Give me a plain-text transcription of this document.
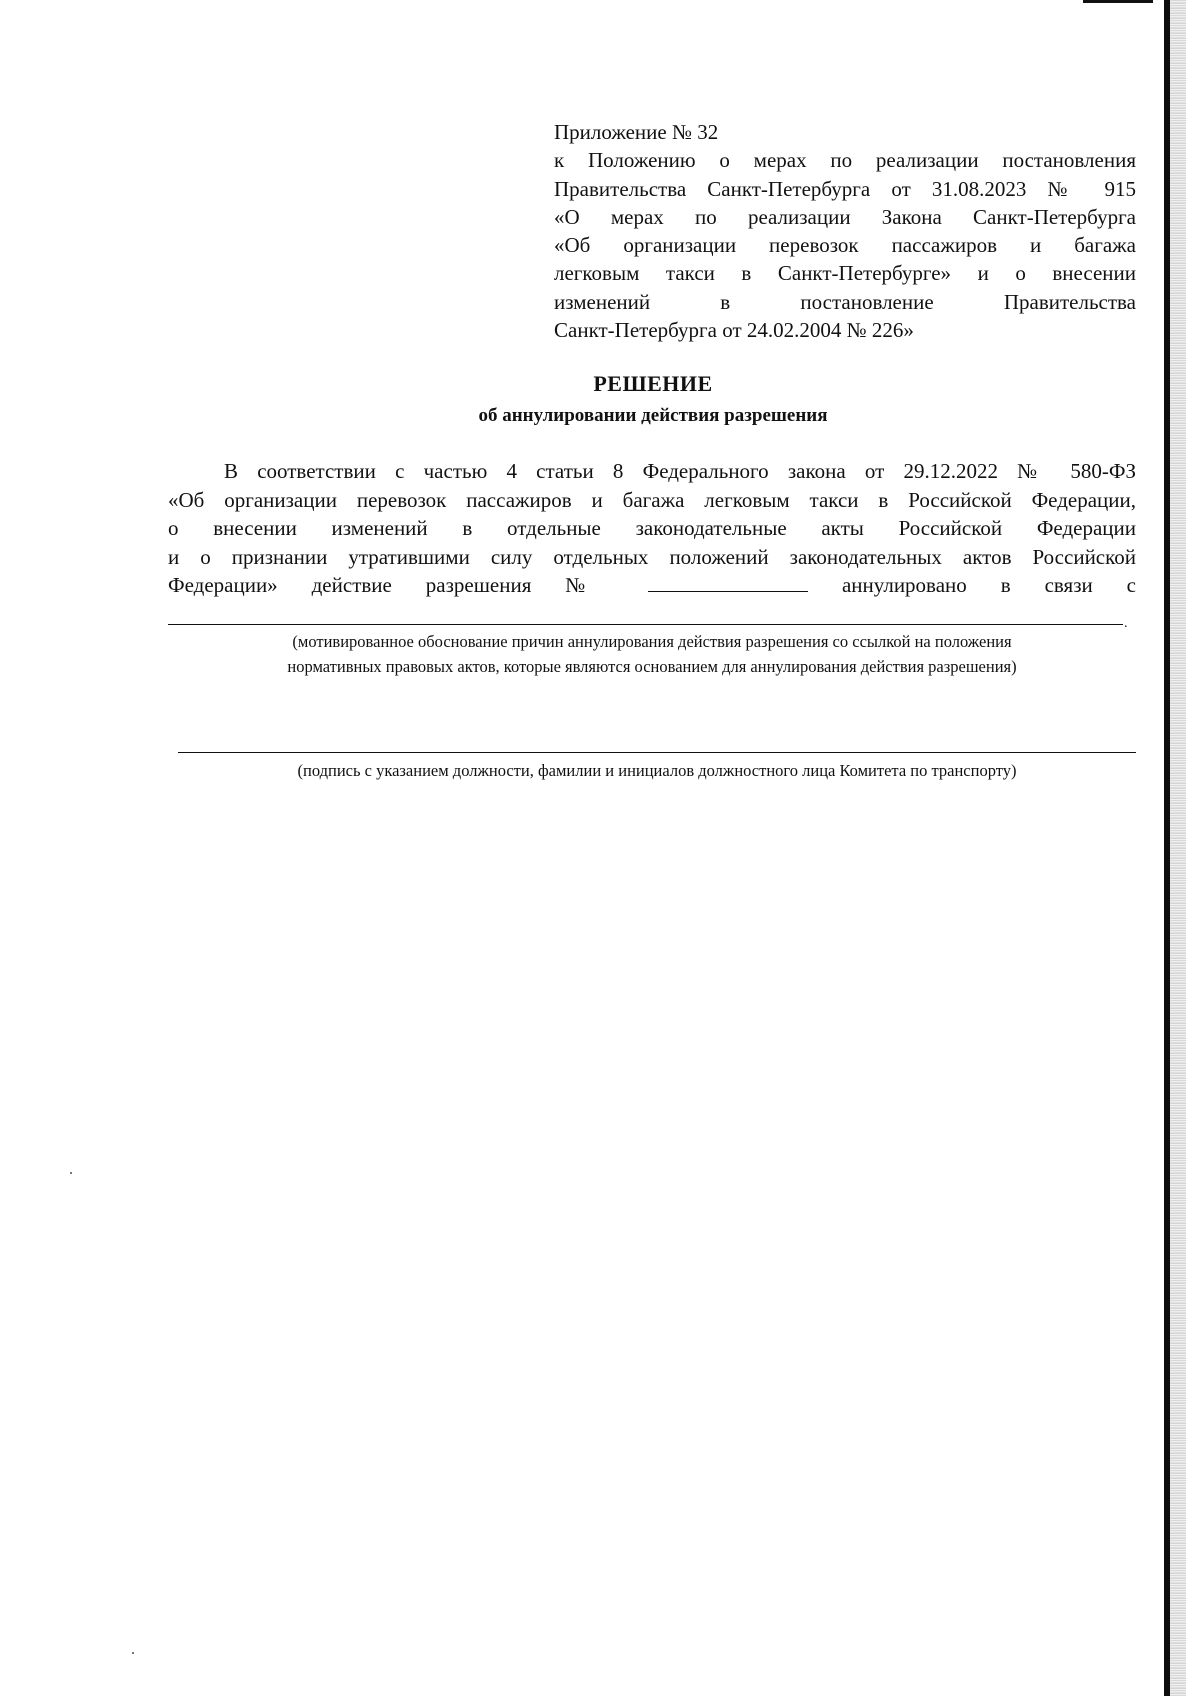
Приложение № 32
к Положению о мерах по реализации постановления
Правительства Санкт-Петербурга от 31.08.2023 № 915
«О мерах по реализации Закона Санкт-Петербурга
«Об организации перевозок пассажиров и багажа
легковым такси в Санкт-Петербурге» и о внесении
изменений в постановление Правительства
Санкт-Петербурга от 24.02.2004 № 226»
РЕШЕНИЕ
об аннулировании действия разрешения
В соответствии с частью 4 статьи 8 Федерального закона от 29.12.2022 № 580-ФЗ
«Об организации перевозок пассажиров и багажа легковым такси в Российской Федерации,
о внесении изменений в отдельные законодательные акты Российской Федерации
и о признании утратившими силу отдельных положений законодательных актов Российской
Федерации» действие разрешения №	аннулировано в связи с
.
(мотивированное обоснование причин аннулирования действия разрешения со ссылкой на положения
нормативных правовых актов, которые являются основанием для аннулирования действия разрешения)
(подпись с указанием должности, фамилии и инициалов должностного лица Комитета по транспорту)
